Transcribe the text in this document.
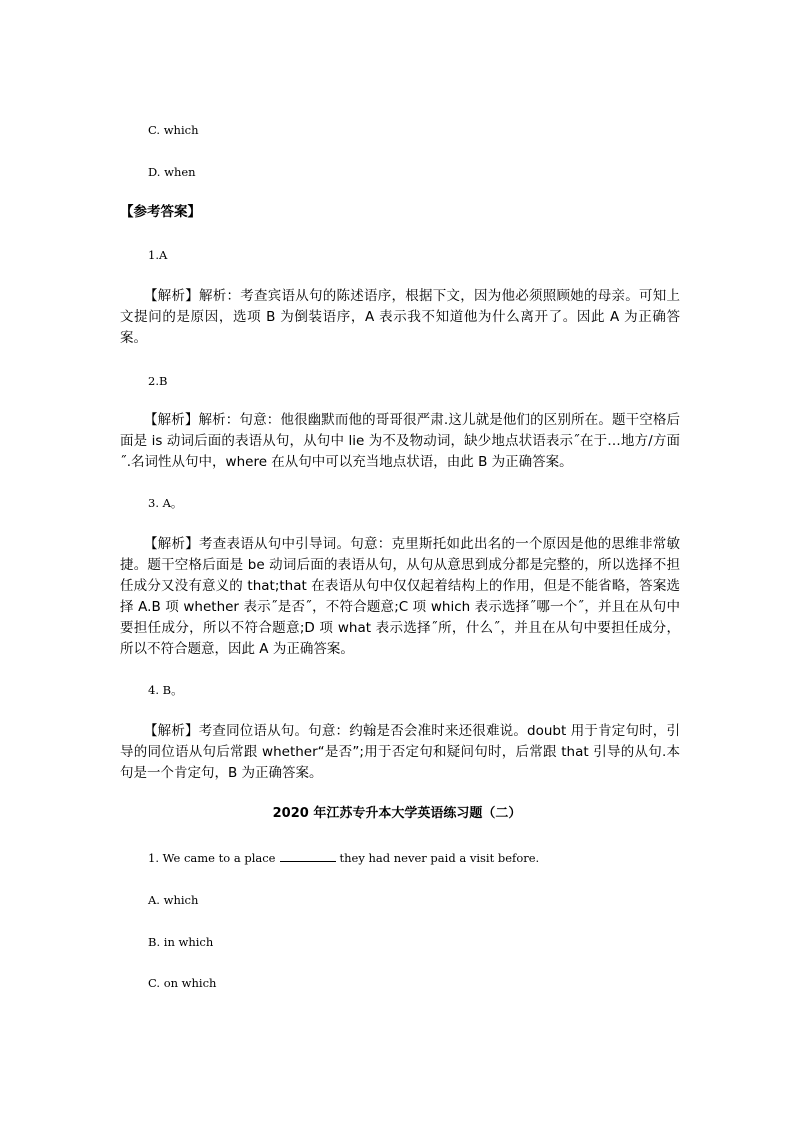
C. which
D. when
【参考答案】
1.A
【解析】解析：考查宾语从句的陈述语序，根据下文，因为他必须照顾她的母亲。可知上文提问的是原因，选项 B 为倒装语序，A 表示我不知道他为什么离开了。因此 A 为正确答案。
2.B
【解析】解析：句意：他很幽默而他的哥哥很严肃.这儿就是他们的区别所在。题干空格后面是 is 动词后面的表语从句，从句中 lie 为不及物动词，缺少地点状语表示˝在于…地方/方面˝.名词性从句中，where 在从句中可以充当地点状语，由此 B 为正确答案。
3. A。
【解析】考查表语从句中引导词。句意：克里斯托如此出名的一个原因是他的思维非常敏捷。题干空格后面是 be 动词后面的表语从句，从句从意思到成分都是完整的，所以选择不担任成分又没有意义的 that;that 在表语从句中仅仅起着结构上的作用，但是不能省略，答案选择 A.B 项 whether 表示˝是否˝，不符合题意;C 项 which 表示选择˝哪一个˝，并且在从句中要担任成分，所以不符合题意;D 项 what 表示选择˝所，什么˝，并且在从句中要担任成分，所以不符合题意，因此 A 为正确答案。
4. B。
【解析】考查同位语从句。句意：约翰是否会准时来还很难说。doubt 用于肯定句时，引导的同位语从句后常跟 whether“是否”;用于否定句和疑问句时，后常跟 that 引导的从句.本句是一个肯定句，B 为正确答案。
2020 年江苏专升本大学英语练习题（二）
1. We came to a place	they had never paid a visit before.
A. which
B. in which
C. on which
